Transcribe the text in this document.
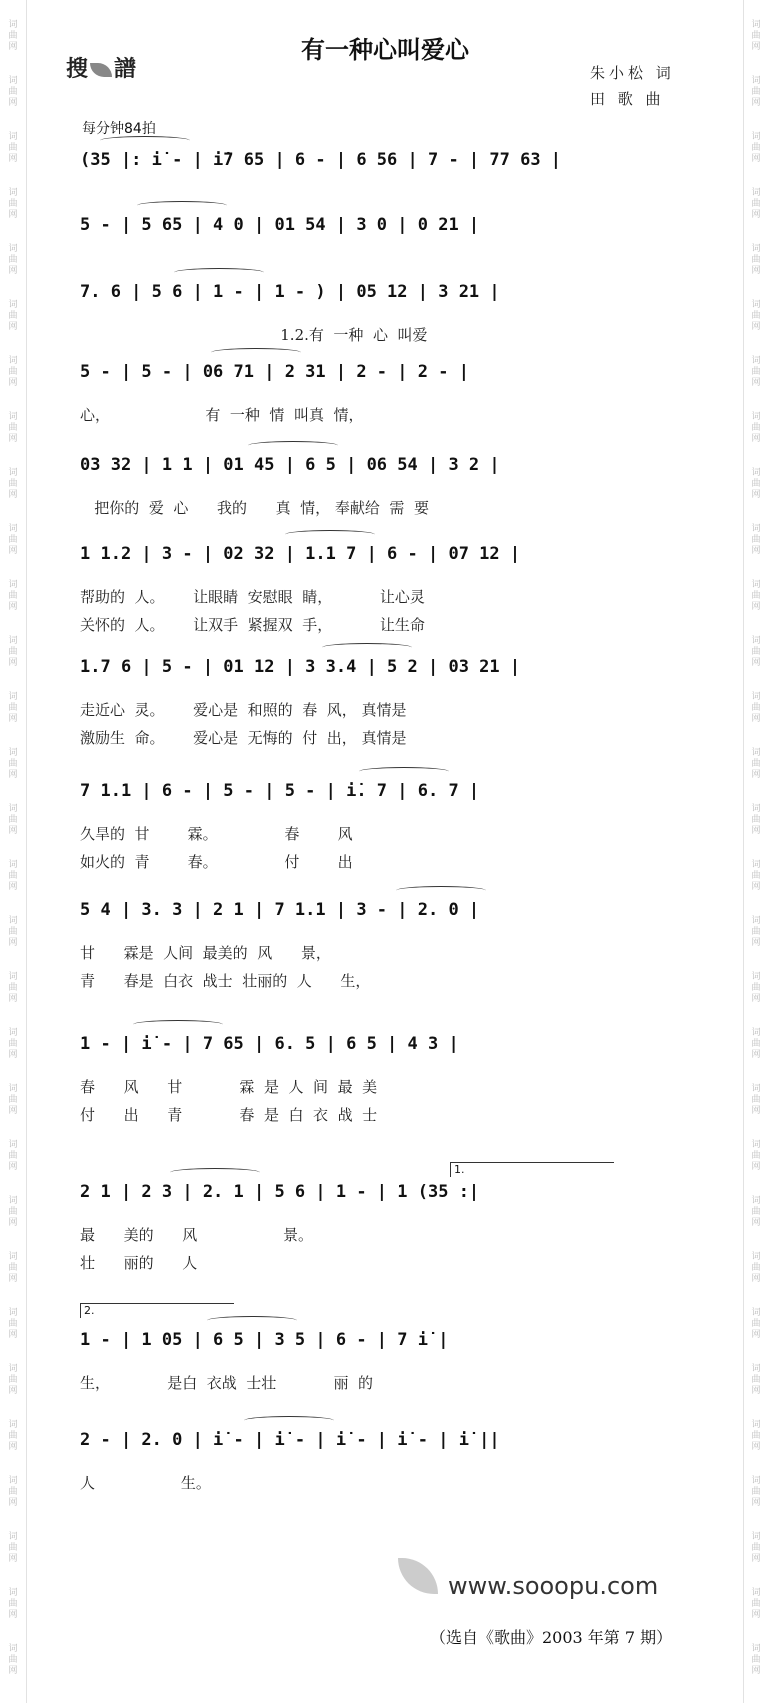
词
曲
网
词
曲
网
词
曲
网
词
曲
网
词
曲
网
词
曲
网
词
曲
网
词
曲
网
词
曲
网
词
曲
网
词
曲
网
词
曲
网
词
曲
网
词
曲
网
词
曲
网
词
曲
网
词
曲
网
词
曲
网
词
曲
网
词
曲
网
词
曲
网
词
曲
网
词
曲
网
词
曲
网
词
曲
网
词
曲
网
词
曲
网
词
曲
网
词
曲
网
词
曲
网
词
曲
网
词
曲
网
词
曲
网
词
曲
网
词
曲
网
词
曲
网
词
曲
网
词
曲
网
词
曲
网
词
曲
网
词
曲
网
词
曲
网
词
曲
网
词
曲
网
词
曲
网
词
曲
网
词
曲
网
词
曲
网
词
曲
网
词
曲
网
词
曲
网
词
曲
网
词
曲
网
词
曲
网
词
曲
网
词
曲
网
词
曲
网
词
曲
网
词
曲
网
词
曲
网
有一种心叫爱心
搜 譜	朱小松 词
田 歌 曲
每分钟84拍
(35 |: i̇ - | i̇7 65 | 6 - | 6 56 | 7 - | 77 63 |
5 - | 5 65 | 4 0 | 01 54 | 3 0 | 0 21 |
7. 6 | 5 6 | 1 - | 1 - ) | 05 12 | 3 21 |
1.2.有  一种  心  叫爱
5 - | 5 - | 06 71 | 2 31 | 2 - | 2 - |
心，                    有  一种  情  叫真  情，
03 32 | 1 1 | 01 45 | 6 5 | 06 54 | 3 2 |
把你的  爱  心      我的      真  情， 奉献给  需  要
1 1.2 | 3 - | 02 32 | 1.1 7 | 6 - | 07 12 |
帮助的  人。      让眼睛  安慰眼  睛，          让心灵
关怀的  人。      让双手  紧握双  手，          让生命
1.7 6 | 5 - | 01 12 | 3 3.4 | 5 2 | 03 21 |
走近心  灵。      爱心是  和照的  春  风， 真情是
激励生  命。      爱心是  无悔的  付  出， 真情是
7 1.1 | 6 - | 5 - | 5 - | i̇. 7 | 6. 7 |
久旱的  甘        霖。              春        风
如火的  青        春。              付        出
5 4 | 3. 3 | 2 1 | 7 1.1 | 3 - | 2. 0 |
甘      霖是  人间  最美的  风      景，
青      春是  白衣  战士  壮丽的  人      生，
1 - | i̇ - | 7 65 | 6. 5 | 6 5 | 4 3 |
春      风      甘            霖  是  人  间  最  美
付      出      青            春  是  白  衣  战  士
2 1 | 2 3 | 2. 1 | 5 6 | 1 - | 1 (35 :|
最      美的      风                  景。
壮      丽的      人
1 - | 1 05 | 6 5 | 3 5 | 6 - | 7 i̇ |
生，            是白  衣战  士壮            丽  的
2 - | 2. 0 | i̇ - | i̇ - | i̇ - | i̇ - | i̇ ||
人                  生。
1.
2.
www.sooopu.com
（选自《歌曲》2003 年第 7 期）
